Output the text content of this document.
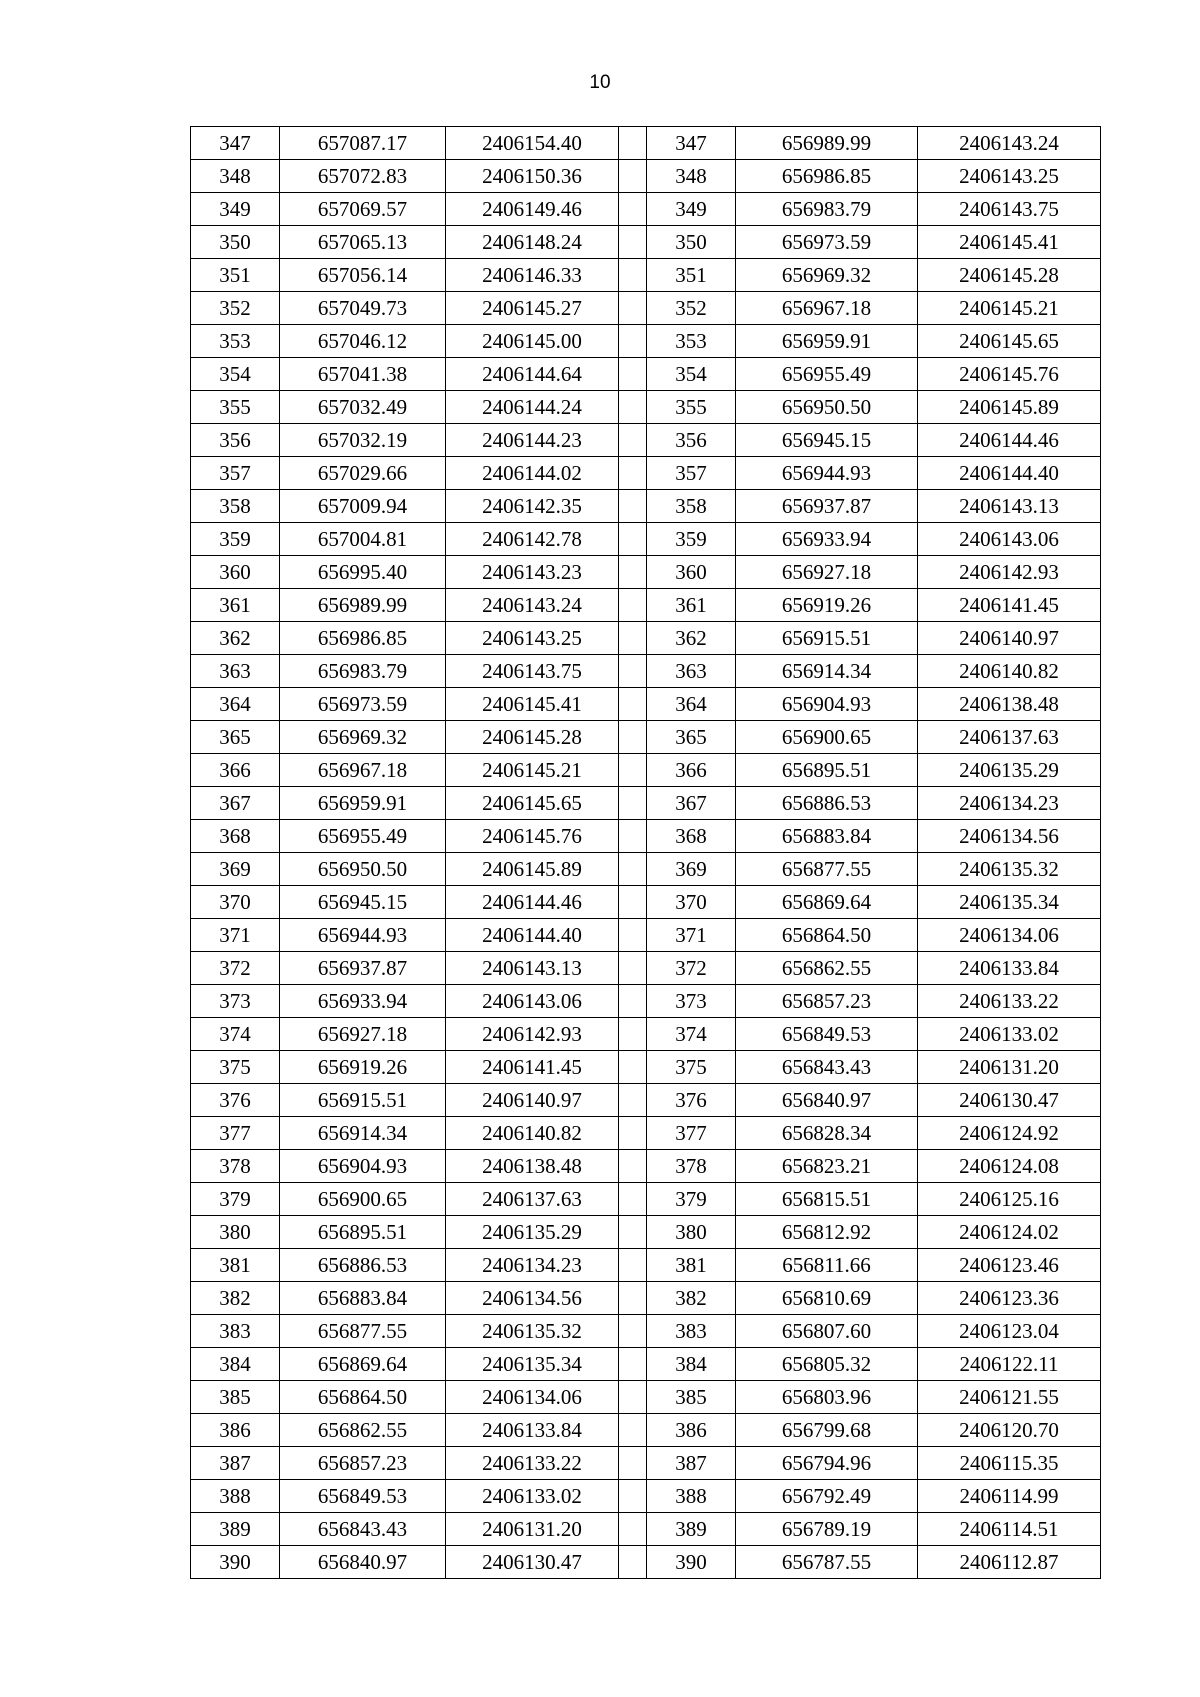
10
347	657087.17	2406154.40		347	656989.99	2406143.24
348	657072.83	2406150.36		348	656986.85	2406143.25
349	657069.57	2406149.46		349	656983.79	2406143.75
350	657065.13	2406148.24		350	656973.59	2406145.41
351	657056.14	2406146.33		351	656969.32	2406145.28
352	657049.73	2406145.27		352	656967.18	2406145.21
353	657046.12	2406145.00		353	656959.91	2406145.65
354	657041.38	2406144.64		354	656955.49	2406145.76
355	657032.49	2406144.24		355	656950.50	2406145.89
356	657032.19	2406144.23		356	656945.15	2406144.46
357	657029.66	2406144.02		357	656944.93	2406144.40
358	657009.94	2406142.35		358	656937.87	2406143.13
359	657004.81	2406142.78		359	656933.94	2406143.06
360	656995.40	2406143.23		360	656927.18	2406142.93
361	656989.99	2406143.24		361	656919.26	2406141.45
362	656986.85	2406143.25		362	656915.51	2406140.97
363	656983.79	2406143.75		363	656914.34	2406140.82
364	656973.59	2406145.41		364	656904.93	2406138.48
365	656969.32	2406145.28		365	656900.65	2406137.63
366	656967.18	2406145.21		366	656895.51	2406135.29
367	656959.91	2406145.65		367	656886.53	2406134.23
368	656955.49	2406145.76		368	656883.84	2406134.56
369	656950.50	2406145.89		369	656877.55	2406135.32
370	656945.15	2406144.46		370	656869.64	2406135.34
371	656944.93	2406144.40		371	656864.50	2406134.06
372	656937.87	2406143.13		372	656862.55	2406133.84
373	656933.94	2406143.06		373	656857.23	2406133.22
374	656927.18	2406142.93		374	656849.53	2406133.02
375	656919.26	2406141.45		375	656843.43	2406131.20
376	656915.51	2406140.97		376	656840.97	2406130.47
377	656914.34	2406140.82		377	656828.34	2406124.92
378	656904.93	2406138.48		378	656823.21	2406124.08
379	656900.65	2406137.63		379	656815.51	2406125.16
380	656895.51	2406135.29		380	656812.92	2406124.02
381	656886.53	2406134.23		381	656811.66	2406123.46
382	656883.84	2406134.56		382	656810.69	2406123.36
383	656877.55	2406135.32		383	656807.60	2406123.04
384	656869.64	2406135.34		384	656805.32	2406122.11
385	656864.50	2406134.06		385	656803.96	2406121.55
386	656862.55	2406133.84		386	656799.68	2406120.70
387	656857.23	2406133.22		387	656794.96	2406115.35
388	656849.53	2406133.02		388	656792.49	2406114.99
389	656843.43	2406131.20		389	656789.19	2406114.51
390	656840.97	2406130.47		390	656787.55	2406112.87
